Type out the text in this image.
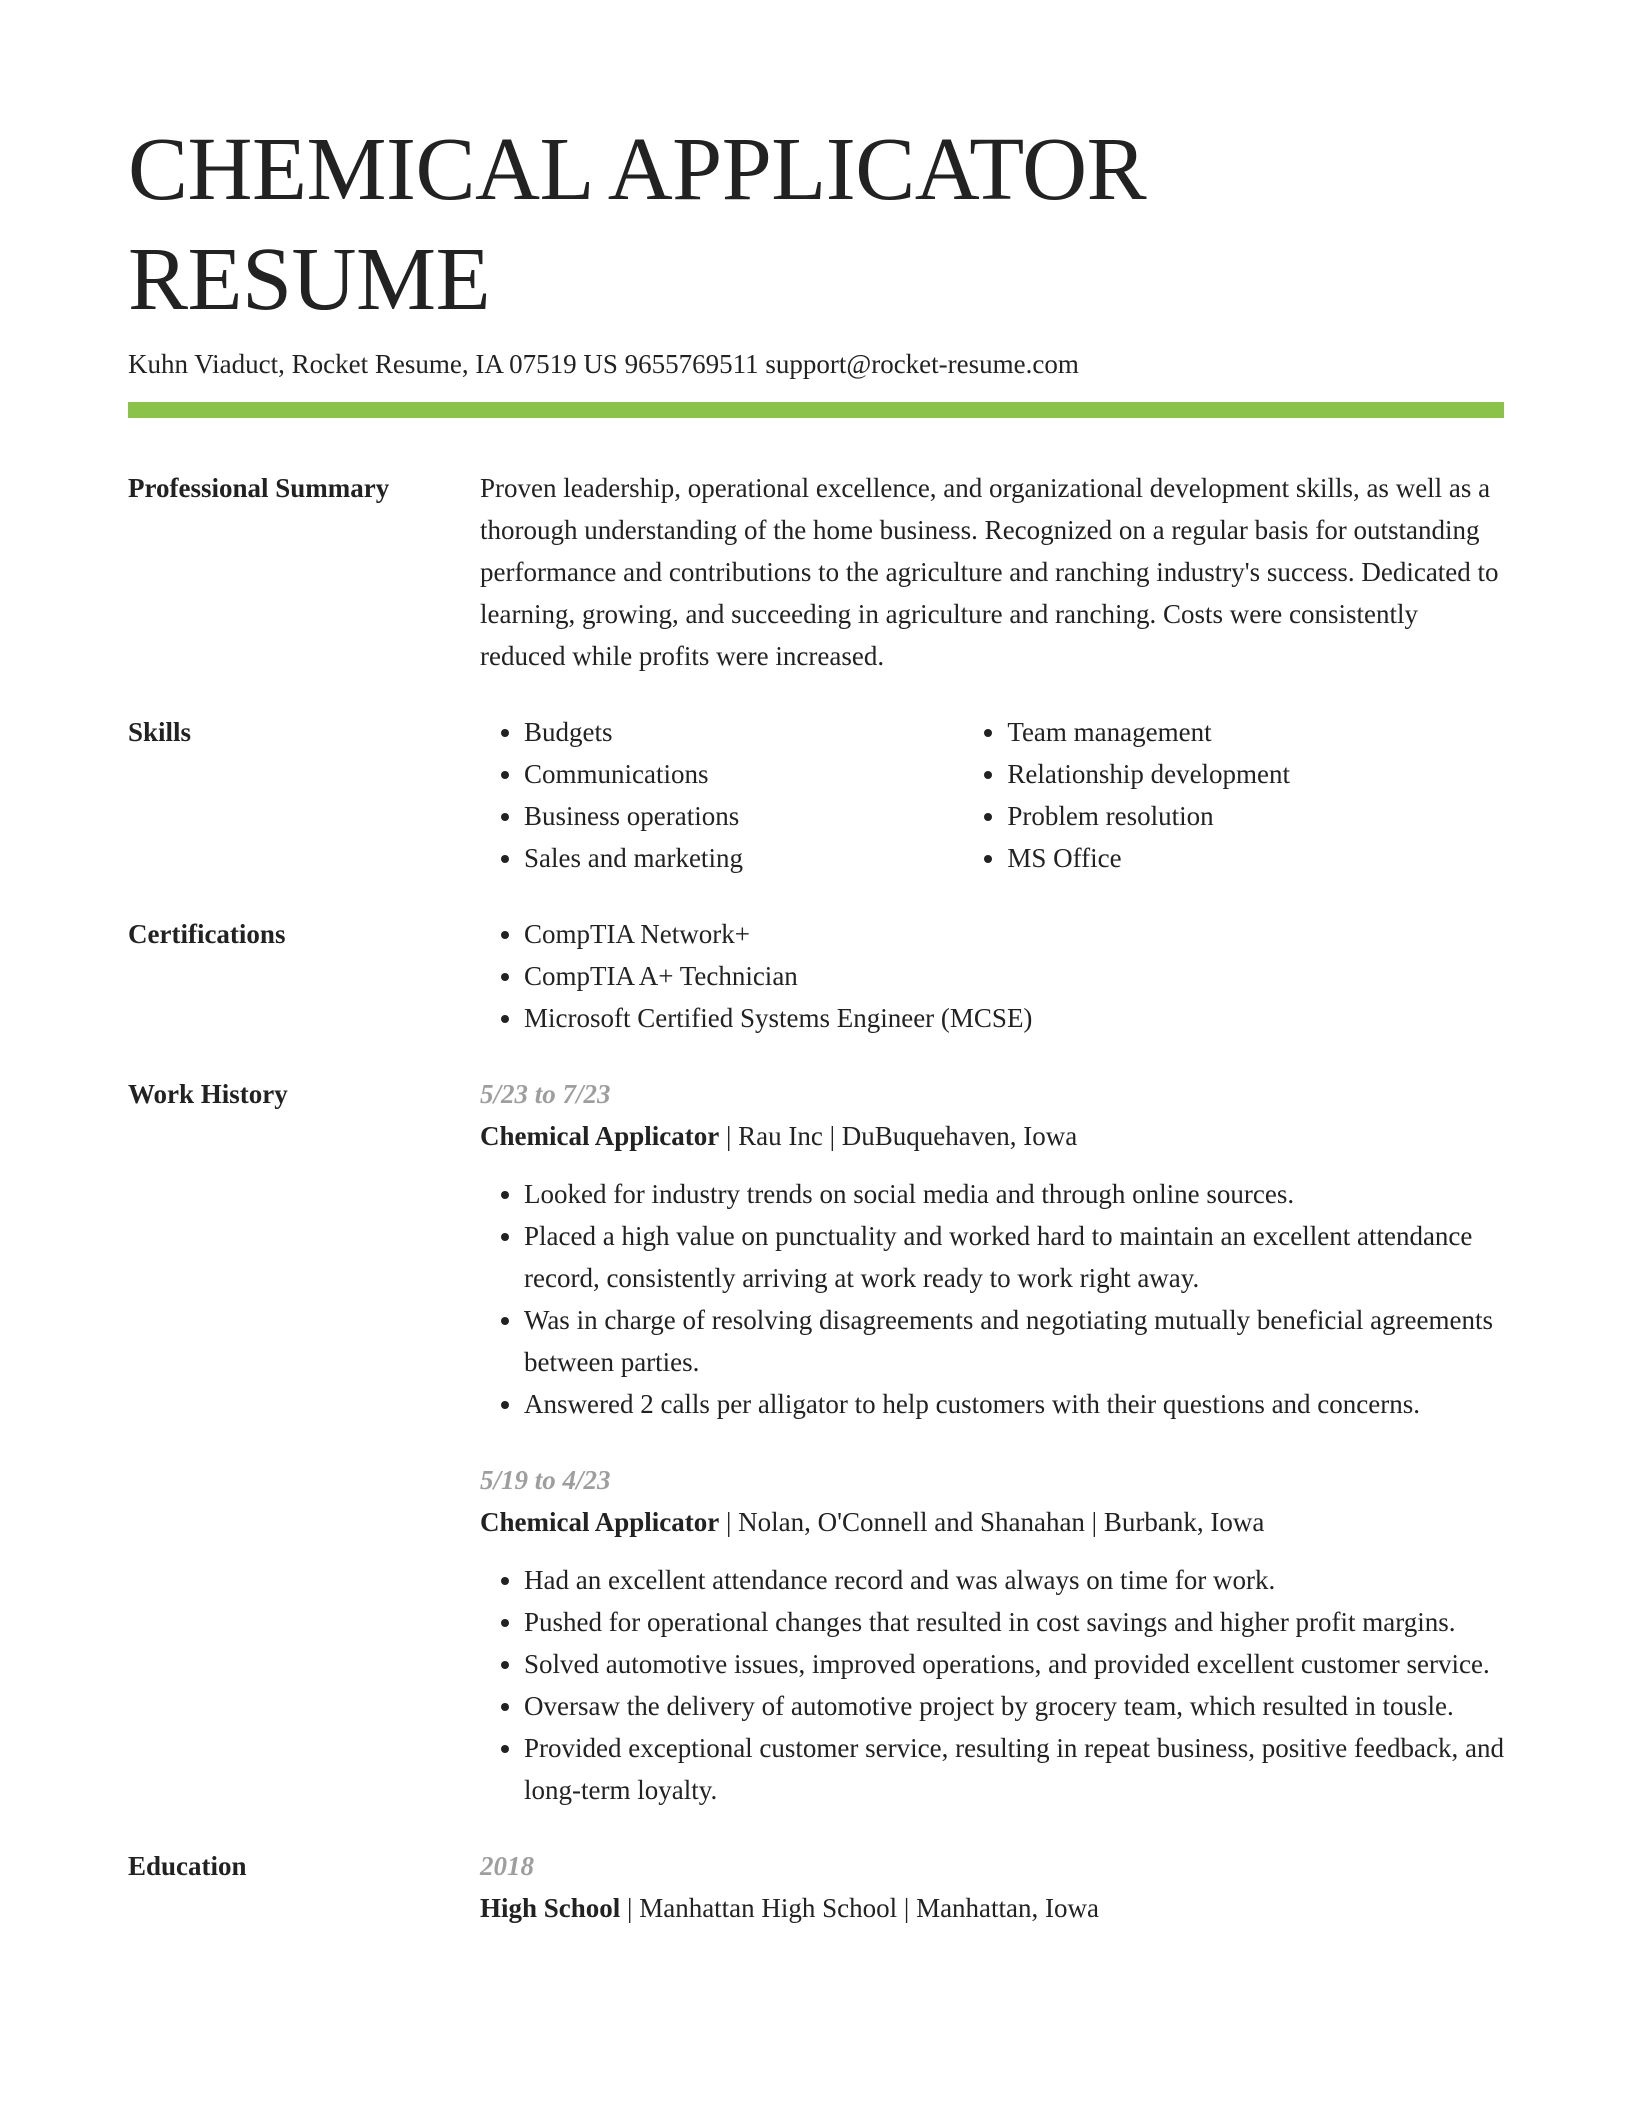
CHEMICAL APPLICATOR RESUME
Kuhn Viaduct, Rocket Resume, IA 07519 US 9655769511 support@rocket-resume.com
Professional Summary	Proven leadership, operational excellence, and organizational development skills, as well as a thorough understanding of the home business. Recognized on a regular basis for outstanding performance and contributions to the agriculture and ranching industry's success. Dedicated to learning, growing, and succeeding in agriculture and ranching. Costs were consistently reduced while profits were increased.

Skills	• Budgets
• Communications
• Business operations
• Sales and marketing
• Team management
• Relationship development
• Problem resolution
• MS Office
Certifications	• CompTIA Network+
• CompTIA A+ Technician
• Microsoft Certified Systems Engineer (MCSE)
Work History	5/23 to 7/23
Chemical Applicator | Rau Inc | DuBuquehaven, Iowa
• Looked for industry trends on social media and through online sources.
• Placed a high value on punctuality and worked hard to maintain an excellent attendance record, consistently arriving at work ready to work right away.
• Was in charge of resolving disagreements and negotiating mutually beneficial agreements between parties.
• Answered 2 calls per alligator to help customers with their questions and concerns.
5/19 to 4/23
Chemical Applicator | Nolan, O'Connell and Shanahan | Burbank, Iowa
• Had an excellent attendance record and was always on time for work.
• Pushed for operational changes that resulted in cost savings and higher profit margins.
• Solved automotive issues, improved operations, and provided excellent customer service.
• Oversaw the delivery of automotive project by grocery team, which resulted in tousle.
• Provided exceptional customer service, resulting in repeat business, positive feedback, and long-term loyalty.
Education	2018
High School | Manhattan High School | Manhattan, Iowa
